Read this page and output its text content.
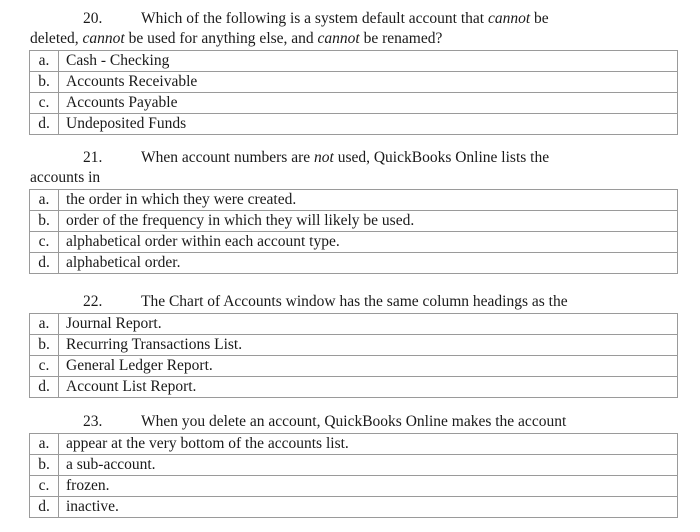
20. Which of the following is a system default account that cannot be
deleted, cannot be used for anything else, and cannot be renamed?
a.	Cash - Checking
b.	Accounts Receivable
c.	Accounts Payable
d.	Undeposited Funds
21. When account numbers are not used, QuickBooks Online lists the
accounts in
a.	the order in which they were created.
b.	order of the frequency in which they will likely be used.
c.	alphabetical order within each account type.
d.	alphabetical order.
22. The Chart of Accounts window has the same column headings as the
a.	Journal Report.
b.	Recurring Transactions List.
c.	General Ledger Report.
d.	Account List Report.
23. When you delete an account, QuickBooks Online makes the account
a.	appear at the very bottom of the accounts list.
b.	a sub-account.
c.	frozen.
d.	inactive.
